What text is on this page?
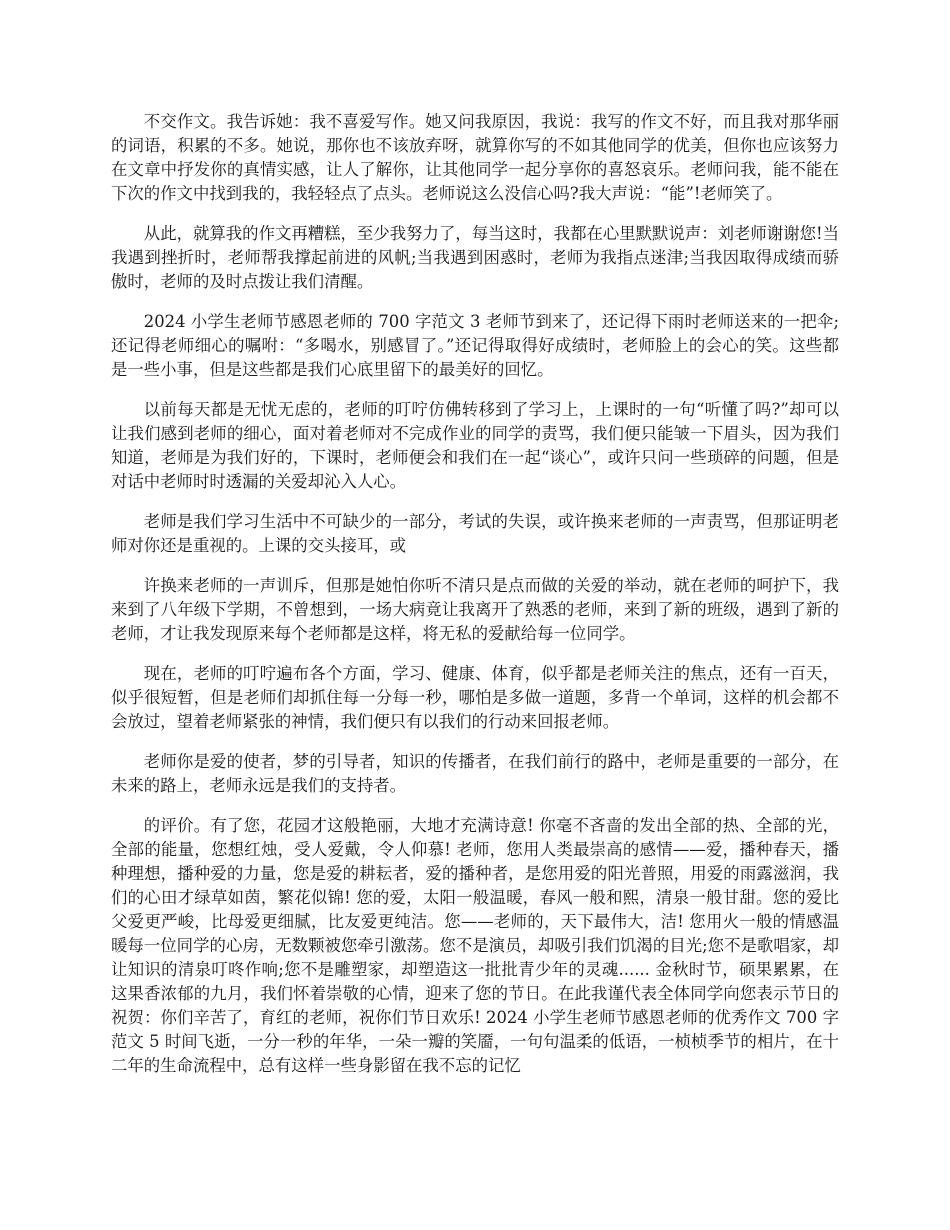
不交作文。我告诉她：我不喜爱写作。她又问我原因，我说：我写的作文不好，而且我对那华丽的词语，积累的不多。她说，那你也不该放弃呀，就算你写的不如其他同学的优美，但你也应该努力在文章中抒发你的真情实感，让人了解你，让其他同学一起分享你的喜怒哀乐。老师问我，能不能在下次的作文中找到我的，我轻轻点了点头。老师说这么没信心吗?我大声说：“能”!老师笑了。

从此，就算我的作文再糟糕，至少我努力了，每当这时，我都在心里默默说声：刘老师谢谢您!当我遇到挫折时，老师帮我撑起前进的风帆;当我遇到困惑时，老师为我指点迷津;当我因取得成绩而骄傲时，老师的及时点拨让我们清醒。

2024 小学生老师节感恩老师的 700 字范文 3 老师节到来了，还记得下雨时老师送来的一把伞;还记得老师细心的嘱咐：“多喝水，别感冒了。”还记得取得好成绩时，老师脸上的会心的笑。这些都是一些小事，但是这些都是我们心底里留下的最美好的回忆。

以前每天都是无忧无虑的，老师的叮咛仿佛转移到了学习上，上课时的一句“听懂了吗?”却可以让我们感到老师的细心，面对着老师对不完成作业的同学的责骂，我们便只能皱一下眉头，因为我们知道，老师是为我们好的，下课时，老师便会和我们在一起“谈心”，或许只问一些琐碎的问题，但是对话中老师时时透漏的关爱却沁入人心。

老师是我们学习生活中不可缺少的一部分，考试的失误，或许换来老师的一声责骂，但那证明老师对你还是重视的。上课的交头接耳，或

许换来老师的一声训斥，但那是她怕你听不清只是点而做的关爱的举动，就在老师的呵护下，我来到了八年级下学期，不曾想到，一场大病竟让我离开了熟悉的老师，来到了新的班级，遇到了新的老师，才让我发现原来每个老师都是这样，将无私的爱献给每一位同学。

现在，老师的叮咛遍布各个方面，学习、健康、体育，似乎都是老师关注的焦点，还有一百天，似乎很短暂，但是老师们却抓住每一分每一秒，哪怕是多做一道题，多背一个单词，这样的机会都不会放过，望着老师紧张的神情，我们便只有以我们的行动来回报老师。

老师你是爱的使者，梦的引导者，知识的传播者，在我们前行的路中，老师是重要的一部分，在未来的路上，老师永远是我们的支持者。

的评价。有了您，花园才这般艳丽，大地才充满诗意! 你毫不吝啬的发出全部的热、全部的光，全部的能量，您想红烛，受人爱戴，令人仰慕! 老师，您用人类最崇高的感情——爱，播种春天，播种理想，播种爱的力量，您是爱的耕耘者，爱的播种者，是您用爱的阳光普照，用爱的雨露滋润，我们的心田才绿草如茵，繁花似锦! 您的爱，太阳一般温暖，春风一般和熙，清泉一般甘甜。您的爱比父爱更严峻，比母爱更细腻，比友爱更纯洁。您——老师的，天下最伟大，洁! 您用火一般的情感温暖每一位同学的心房，无数颗被您牵引激荡。您不是演员，却吸引我们饥渴的目光;您不是歌唱家，却让知识的清泉叮咚作响;您不是雕塑家，却塑造这一批批青少年的灵魂...... 金秋时节，硕果累累，在这果香浓郁的九月，我们怀着崇敬的心情，迎来了您的节日。在此我谨代表全体同学向您表示节日的祝贺：你们辛苦了，育红的老师，祝你们节日欢乐! 2024 小学生老师节感恩老师的优秀作文 700 字范文 5 时间飞逝，一分一秒的年华，一朵一瓣的笑靥，一句句温柔的低语，一桢桢季节的相片，在十二年的生命流程中，总有这样一些身影留在我不忘的记忆
